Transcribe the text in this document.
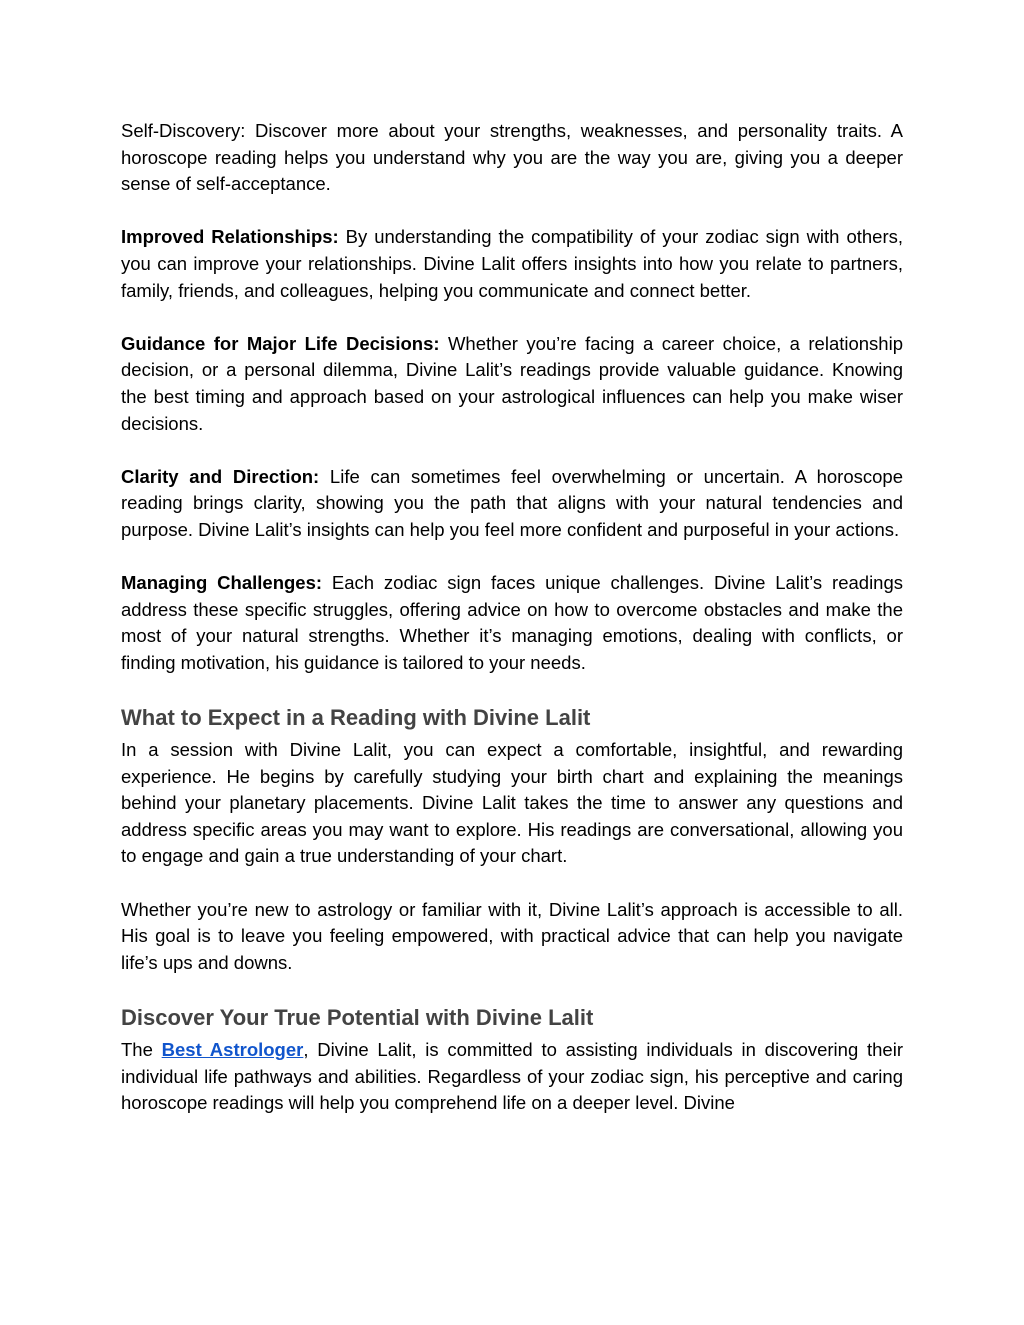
Self-Discovery: Discover more about your strengths, weaknesses, and personality traits. A horoscope reading helps you understand why you are the way you are, giving you a deeper sense of self-acceptance.

Improved Relationships: By understanding the compatibility of your zodiac sign with others, you can improve your relationships. Divine Lalit offers insights into how you relate to partners, family, friends, and colleagues, helping you communicate and connect better.

Guidance for Major Life Decisions: Whether you’re facing a career choice, a relationship decision, or a personal dilemma, Divine Lalit’s readings provide valuable guidance. Knowing the best timing and approach based on your astrological influences can help you make wiser decisions.

Clarity and Direction: Life can sometimes feel overwhelming or uncertain. A horoscope reading brings clarity, showing you the path that aligns with your natural tendencies and purpose. Divine Lalit’s insights can help you feel more confident and purposeful in your actions.

Managing Challenges: Each zodiac sign faces unique challenges. Divine Lalit’s readings address these specific struggles, offering advice on how to overcome obstacles and make the most of your natural strengths. Whether it’s managing emotions, dealing with conflicts, or finding motivation, his guidance is tailored to your needs.

What to Expect in a Reading with Divine Lalit

In a session with Divine Lalit, you can expect a comfortable, insightful, and rewarding experience. He begins by carefully studying your birth chart and explaining the meanings behind your planetary placements. Divine Lalit takes the time to answer any questions and address specific areas you may want to explore. His readings are conversational, allowing you to engage and gain a true understanding of your chart.

Whether you’re new to astrology or familiar with it, Divine Lalit’s approach is accessible to all. His goal is to leave you feeling empowered, with practical advice that can help you navigate life’s ups and downs.

Discover Your True Potential with Divine Lalit

The Best Astrologer, Divine Lalit, is committed to assisting individuals in discovering their individual life pathways and abilities. Regardless of your zodiac sign, his perceptive and caring horoscope readings will help you comprehend life on a deeper level. Divine
